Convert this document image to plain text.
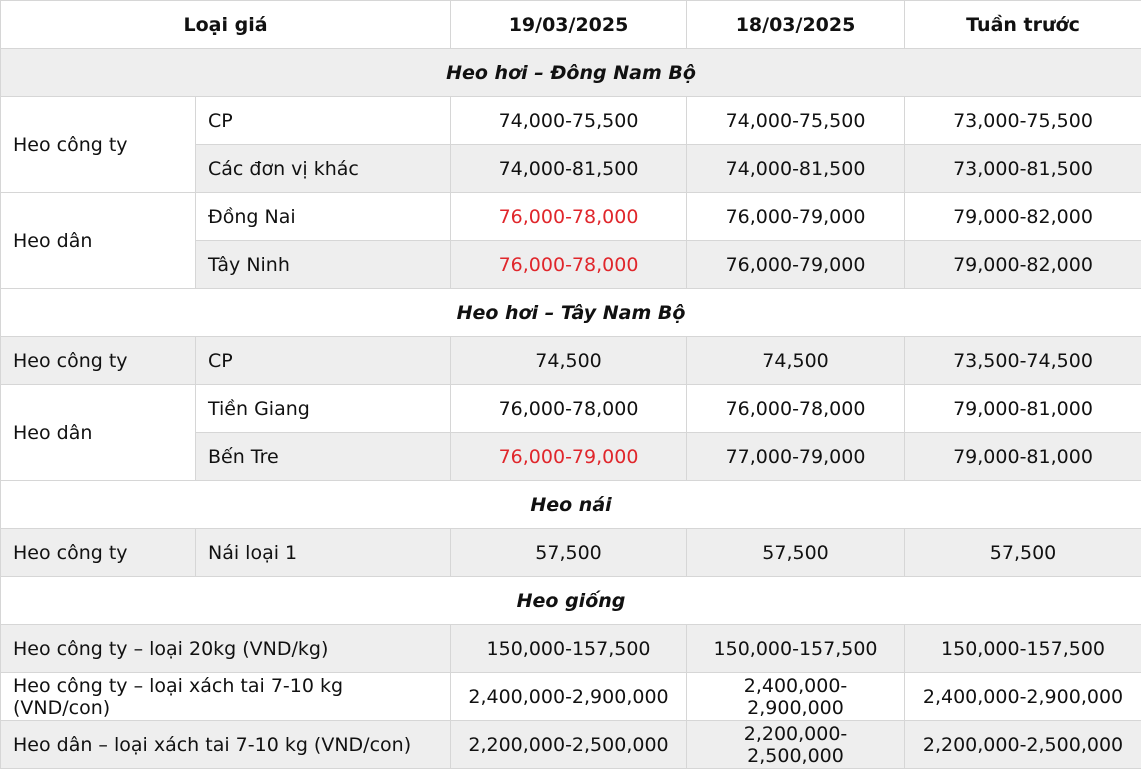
Loại giá		19/03/2025	18/03/2025	Tuần trước
Heo hơi – Đông Nam Bộ				
Heo công ty	CP	74,000-75,500	74,000-75,500	73,000-75,500
	Các đơn vị khác	74,000-81,500	74,000-81,500	73,000-81,500
Heo dân	Đồng Nai	76,000-78,000	76,000-79,000	79,000-82,000
	Tây Ninh	76,000-78,000	76,000-79,000	79,000-82,000
Heo hơi – Tây Nam Bộ				
Heo công ty	CP	74,500	74,500	73,500-74,500
Heo dân	Tiền Giang	76,000-78,000	76,000-78,000	79,000-81,000
	Bến Tre	76,000-79,000	77,000-79,000	79,000-81,000
Heo nái				
Heo công ty	Nái loại 1	57,500	57,500	57,500
Heo giống				
Heo công ty – loại 20kg (VND/kg)		150,000-157,500	150,000-157,500	150,000-157,500
Heo công ty – loại xách tai 7-10 kg (VND/con)		2,400,000-2,900,000	2,400,000-2,900,000	2,400,000-2,900,000
Heo dân – loại xách tai 7-10 kg (VND/con)		2,200,000-2,500,000	2,200,000-2,500,000	2,200,000-2,500,000
